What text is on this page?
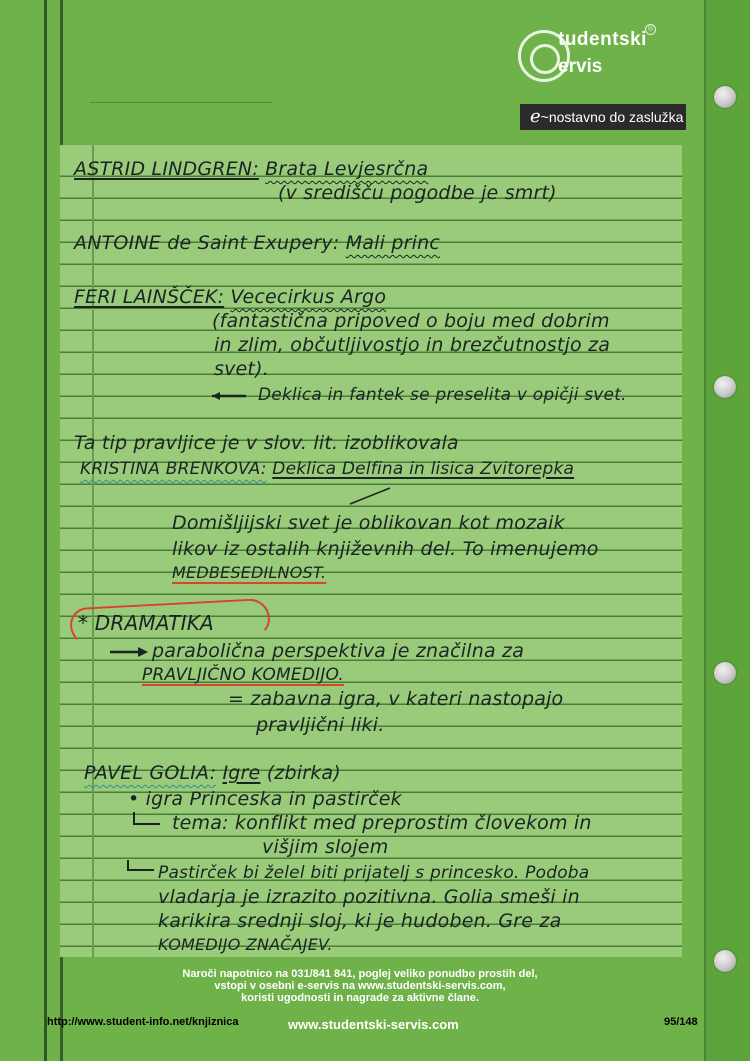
tudentski
ervis
®
e~nostavno do zaslužka
ASTRID LINDGREN: Brata Levjesrčna
(v središču pogodbe je smrt)
ANTOINE de Saint Exupery: Mali princ
FERI LAINŠČEK: Vececirkus Argo
(fantastična pripoved o boju med dobrim
in zlim, občutljivostjo in brezčutnostjo za
svet).
Deklica in fantek se preselita v opičji svet.
Ta tip pravljice je v slov. lit. izoblikovala
KRISTINA BRENKOVA: Deklica Delfina in lisica Zvitorepka
Domišljijski svet je oblikovan kot mozaik
likov iz ostalih književnih del. To imenujemo
MEDBESEDILNOST.
* DRAMATIKA
parabolična perspektiva je značilna za
PRAVLJIČNO KOMEDIJO.
= zabavna igra, v kateri nastopajo
pravljični liki.
PAVEL GOLIA: Igre (zbirka)
• igra Princeska in pastirček
tema: konflikt med preprostim človekom in
višjim slojem
Pastirček bi želel biti prijatelj s princesko. Podoba
vladarja je izrazito pozitivna. Golia smeši in
karikira srednji sloj, ki je hudoben. Gre za
KOMEDIJO ZNAČAJEV.
Naroči napotnico na 031/841 841, poglej veliko ponudbo prostih del,
vstopi v osebni e-servis na www.studentski-servis.com,
koristi ugodnosti in nagrade za aktivne člane.
http://www.student-info.net/knjiznica	www.studentski-servis.com	95/148
